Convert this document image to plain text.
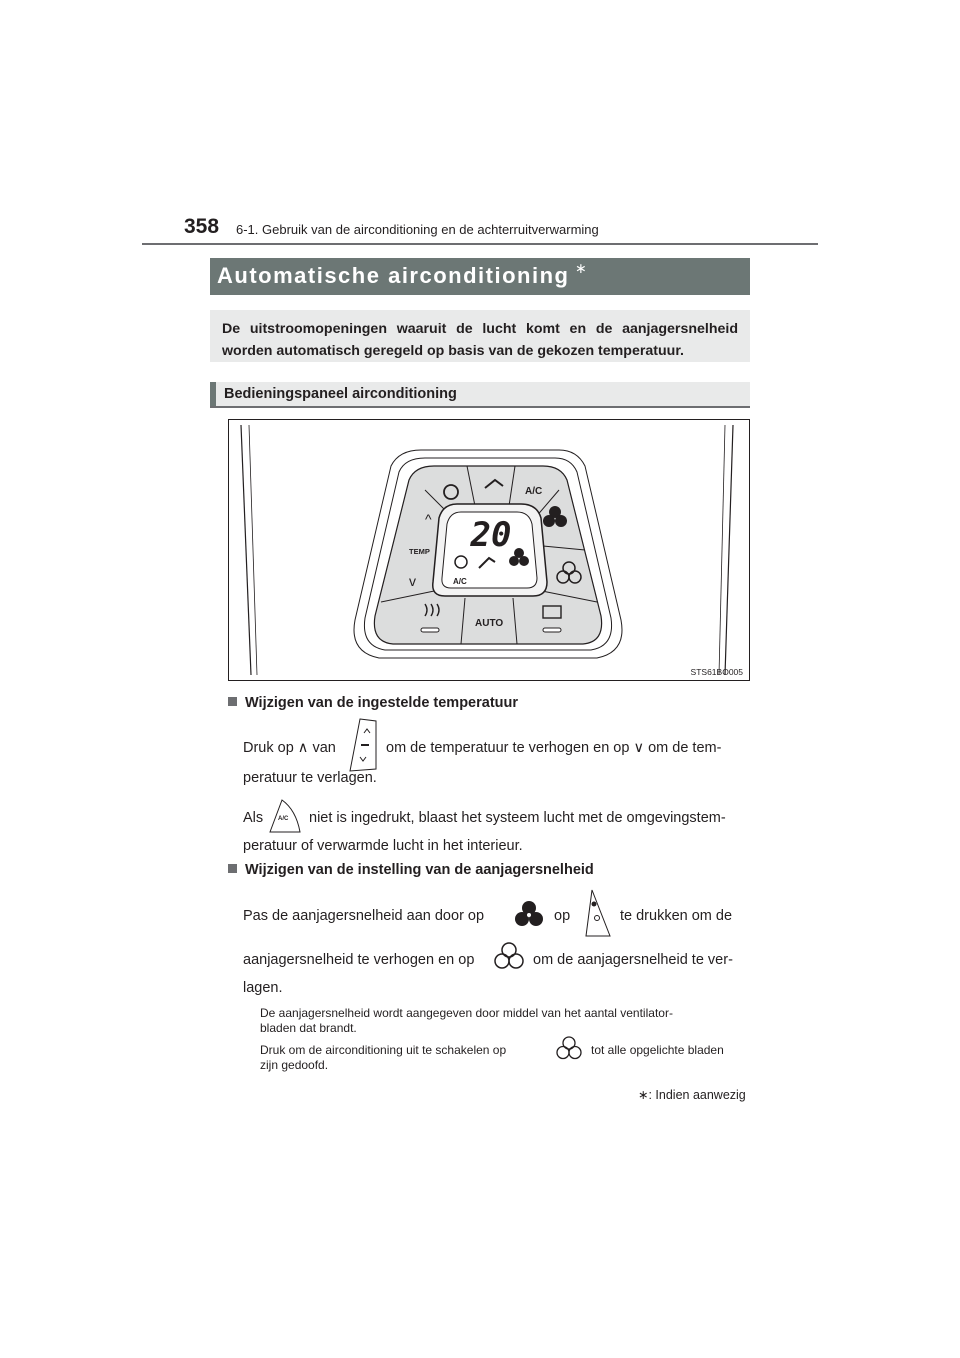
358 6-1. Gebruik van de airconditioning en de achterruitverwarming
Automatische airconditioning ∗

De uitstroomopeningen waaruit de lucht komt en de aanjagersnelheid

worden automatisch geregeld op basis van de gekozen temperatuur.

Bedieningspaneel airconditioning
20
A/C
A/C
^
TEMP
v
AUTO
STS61BO005
Wijzigen van de ingestelde temperatuur
Druk op ∧ van	om de temperatuur te verhogen en op ∨ om de tem-
peratuur te verlagen.
Als A/C niet is ingedrukt, blaast het systeem lucht met de omgevingstem-
peratuur of verwarmde lucht in het interieur.
Wijzigen van de instelling van de aanjagersnelheid
Pas de aanjagersnelheid aan door op	op	te drukken om de
aanjagersnelheid te verhogen en op	om de aanjagersnelheid te ver-
lagen.
De aanjagersnelheid wordt aangegeven door middel van het aantal ventilator-
bladen dat brandt.
Druk om de airconditioning uit te schakelen op	tot alle opgelichte bladen
zijn gedoofd.
∗: Indien aanwezig
